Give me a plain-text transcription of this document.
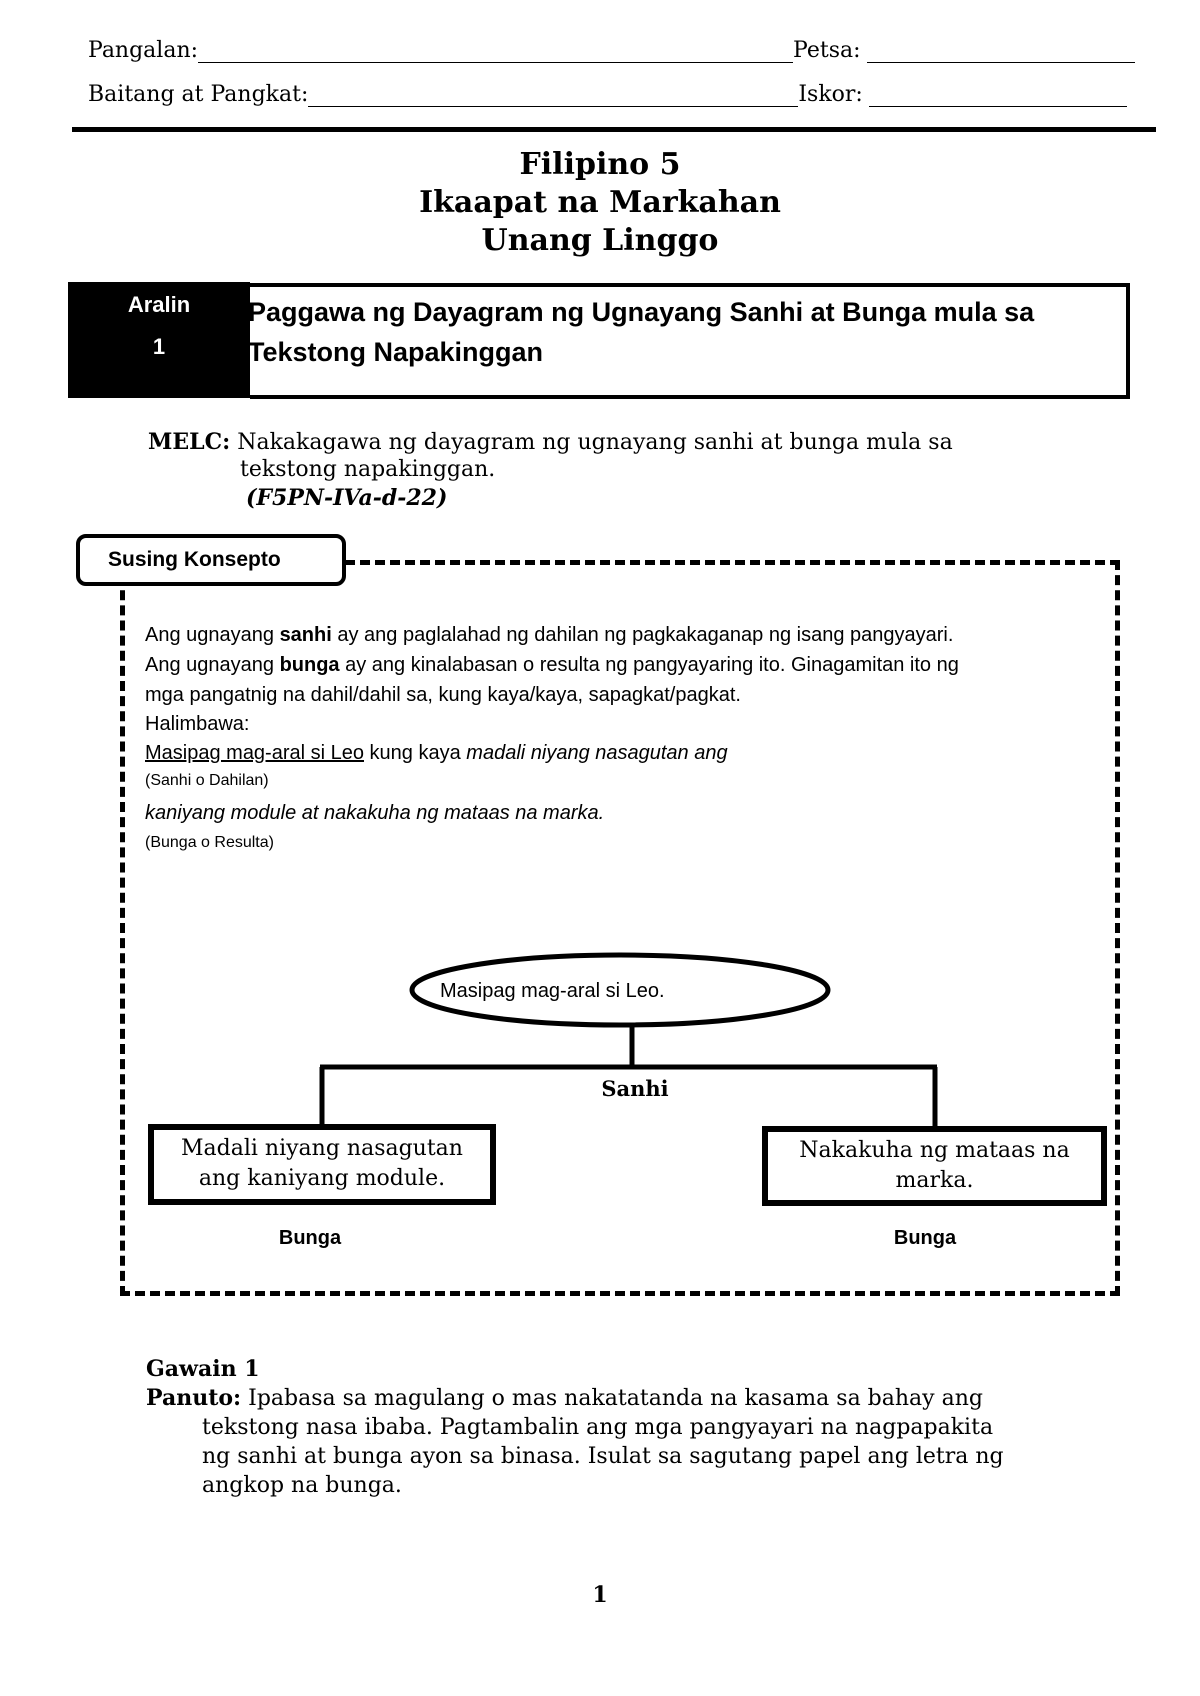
Pangalan:	Petsa:
Baitang at Pangkat:	Iskor:
Filipino 5
Ikaapat na Markahan
Unang Linggo
Aralin
1
Paggawa ng Dayagram ng Ugnayang Sanhi at Bunga mula sa
Tekstong Napakinggan
MELC: Nakakagawa ng dayagram ng ugnayang sanhi at bunga mula sa
tekstong napakinggan.
(F5PN-IVa-d-22)
Susing Konsepto
Ang ugnayang sanhi ay ang paglalahad ng dahilan ng pagkakaganap ng isang pangyayari.
Ang ugnayang bunga ay ang kinalabasan o resulta ng pangyayaring ito. Ginagamitan ito ng
mga pangatnig na dahil/dahil sa, kung kaya/kaya, sapagkat/pagkat.
Halimbawa:
Masipag mag-aral si Leo kung kaya madali niyang nasagutan ang
(Sanhi o Dahilan)
kaniyang module at nakakuha ng mataas na marka.
(Bunga o Resulta)
Masipag mag-aral si Leo.
Sanhi
Madali niyang nasagutan
ang kaniyang module.
Nakakuha ng mataas na
marka.
Bunga	Bunga
Gawain 1
Panuto: Ipabasa sa magulang o mas nakatatanda na kasama sa bahay ang
tekstong nasa ibaba. Pagtambalin ang mga pangyayari na nagpapakita
ng sanhi at bunga ayon sa binasa. Isulat sa sagutang papel ang letra ng
angkop na bunga.
1
